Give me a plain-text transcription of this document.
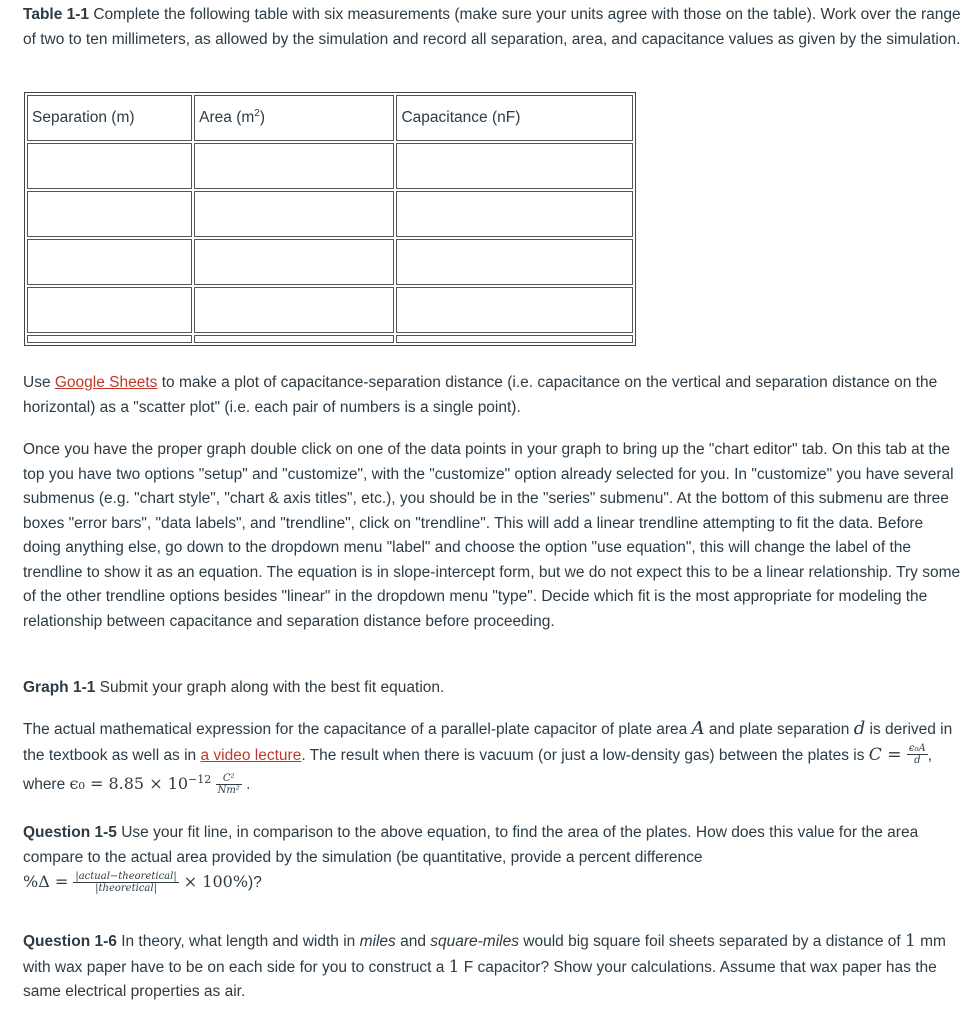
Table 1-1 Complete the following table with six measurements (make sure your units agree with those on the table). Work over the range of two to ten millimeters, as allowed by the simulation and record all separation, area, and capacitance values as given by the simulation.

Separation (m)	Area $(m^2)$	Capacitance (nF)

Use Google Sheets to make a plot of capacitance-separation distance (i.e. capacitance on the vertical and separation distance on the horizontal) as a "scatter plot" (i.e. each pair of numbers is a single point).

Once you have the proper graph double click on one of the data points in your graph to bring up the "chart editor" tab. On this tab at the top you have two options "setup" and "customize", with the "customize" option already selected for you. In "customize" you have several submenus (e.g. "chart style", "chart & axis titles", etc.), you should be in the "series" submenu". At the bottom of this submenu are three boxes "error bars", "data labels", and "trendline", click on "trendline". This will add a linear trendline attempting to fit the data. Before doing anything else, go down to the dropdown menu "label" and choose the option "use equation", this will change the label of the trendline to show it as an equation. The equation is in slope-intercept form, but we do not expect this to be a linear relationship. Try some of the other trendline options besides "linear" in the dropdown menu "type". Decide which fit is the most appropriate for modeling the relationship between capacitance and separation distance before proceeding.

Graph 1-1 Submit your graph along with the best fit equation.

The actual mathematical expression for the capacitance of a parallel-plate capacitor of plate area A and plate separation d is derived in the textbook as well as in a video lecture. The result when there is vacuum (or just a low-density gas) between the plates is $C = \frac{\text{ϵ₀A}}{d}$ , where $\epsilon_0 = 8.85 \times 10^{-12} \frac{\text{C²}}{\text{Nm²}}$ .

Question 1-5 Use your fit line, in comparison to the above equation, to find the area of the plates. How does this value for the area compare to the actual area provided by the simulation (be quantitative, provide a percent difference
$\%\Delta = \frac{\text{|actual−theoretical|}}{\text{|theoretical|}} \times 100\%$)?

Question 1-6 In theory, what length and width in miles and square-miles would big square foil sheets separated by a distance of 1 mm with wax paper have to be on each side for you to construct a 1 F capacitor? Show your calculations. Assume that wax paper has the same electrical properties as air.
